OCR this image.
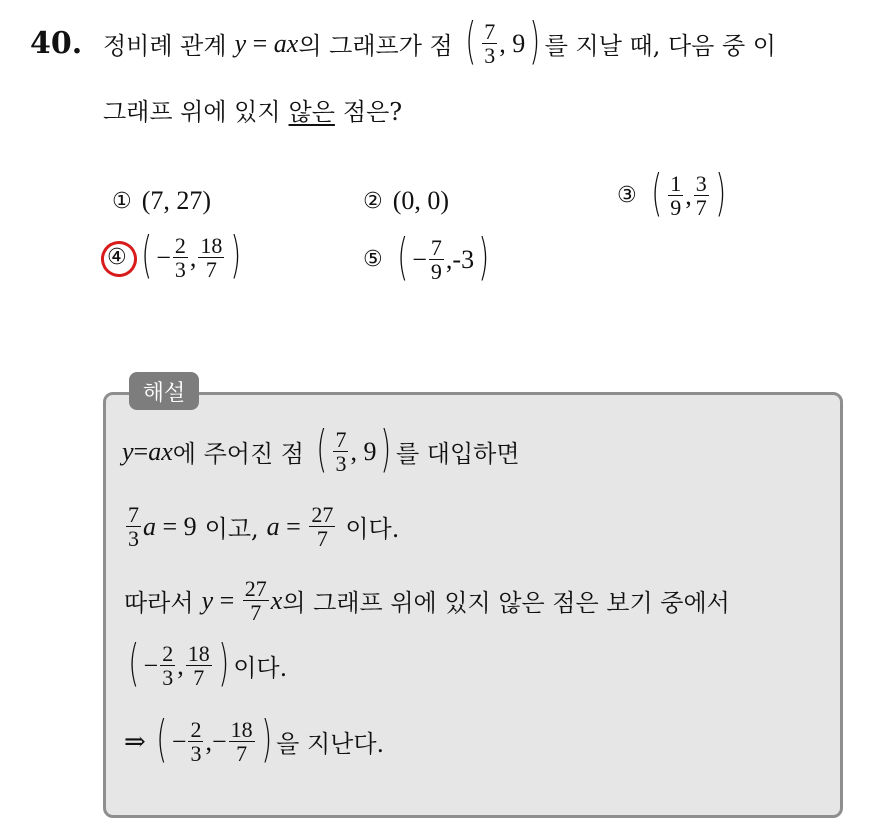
40. 정비례 관계 y = ax 의 그래프가 점 ( $\frac{7}{3}$ , 9 ) 를 지날 때, 다음 중 이
그래프 위에 있지 않은 점은?
① (7, 27)	② (0, 0)	③ ( $\frac{1}{9}$ , $\frac{3}{7}$ )
④ ( − $\frac{2}{3}$ , $\frac{18}{7}$ )	⑤ ( − $\frac{7}{9}$ , -3 )
해설
y = ax 에 주어진 점 ( $\frac{7}{3}$ , 9 ) 를 대입하면
$\frac{7}{3}$ a = 9 이고, $a = \frac{27}{7}$ 이다.
따라서 $y = \frac{27}{7}$ x 의 그래프 위에 있지 않은 점은 보기 중에서
( − $\frac{2}{3}$ , $\frac{18}{7}$ ) 이다.
⇒ ( − $\frac{2}{3}$ ,− $\frac{18}{7}$ ) 을 지난다.
